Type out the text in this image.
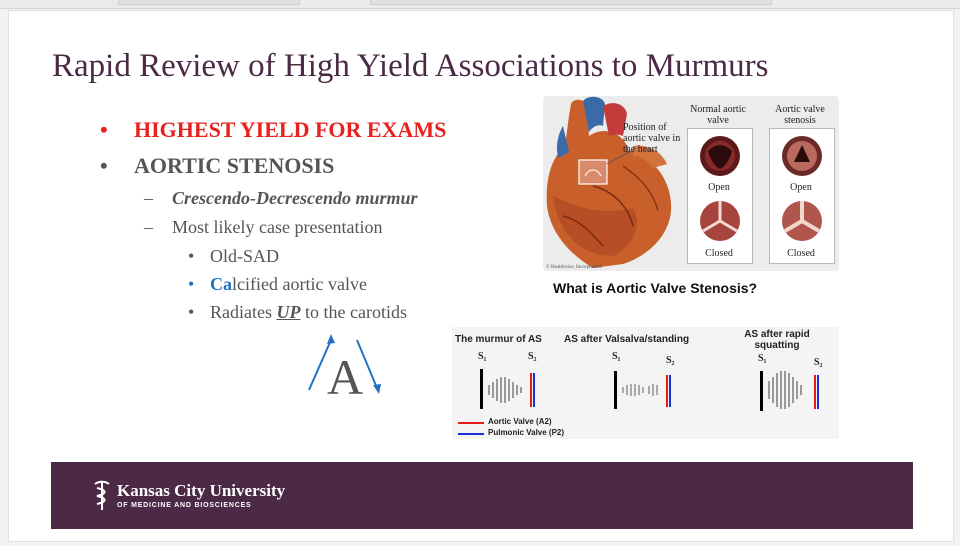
Rapid Review of High Yield Associations to Murmurs
• HIGHEST YIELD FOR EXAMS
• AORTIC STENOSIS
– Crescendo-Decrescendo murmur
– Most likely case presentation
• Old-SAD
• Calcified aortic valve
• Radiates UP to the carotids
Position of aortic valve in the heart
Normal aortic valve
Aortic valve stenosis
Open	Open
Closed	Closed
© Healthwise, Incorporated
What is Aortic Valve Stenosis?
A
The murmur of AS AS after Valsalva/standing	AS after rapid squatting
S₁	S₂	S₁	S₂	S₁	S₂
Aortic Valve (A2)
Pulmonic Valve (P2)
Kansas City University
OF MEDICINE AND BIOSCIENCES
